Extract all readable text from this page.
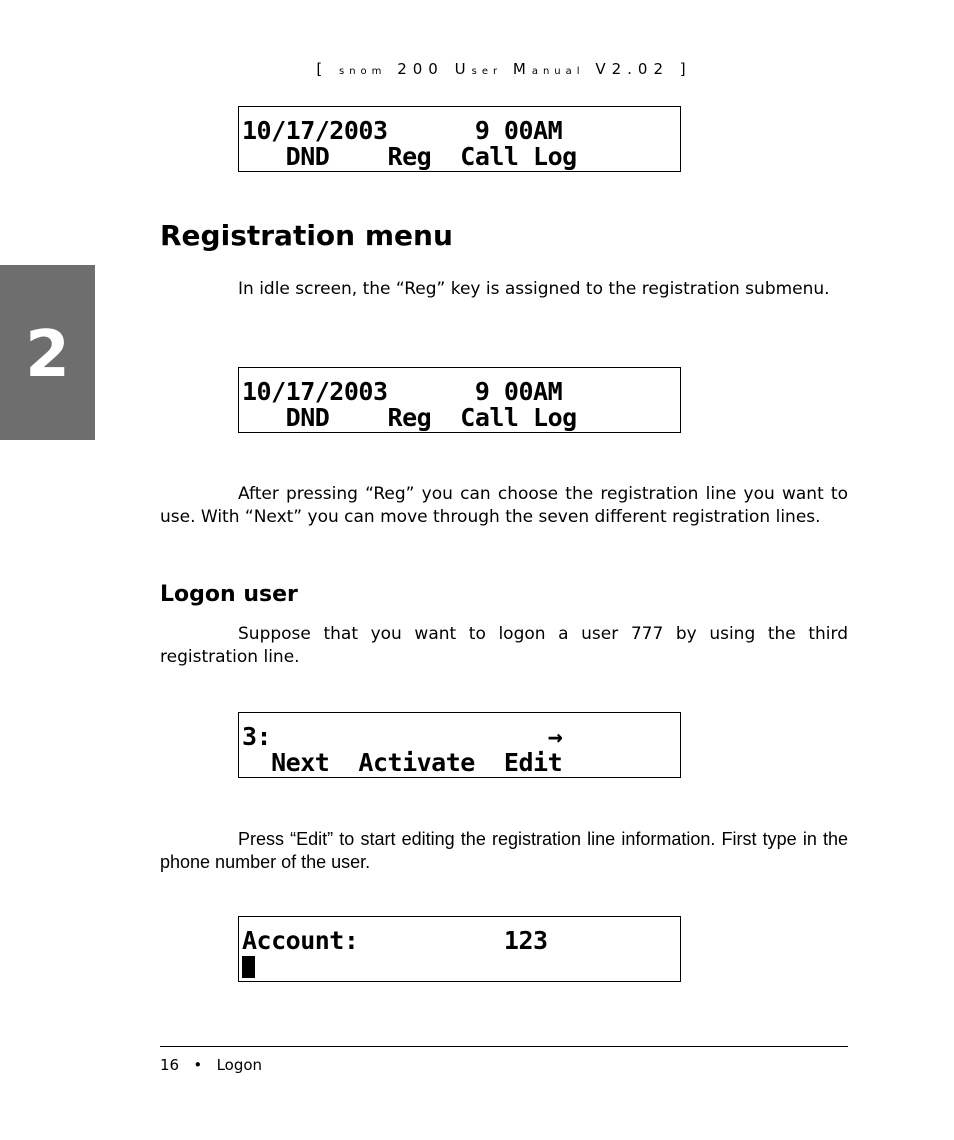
[ snom 200 User Manual V2.02 ]
10/17/2003      9 00AM
DND    Reg  Call Log
Registration menu
2

In idle screen, the “Reg” key is assigned to the registration submenu.

10/17/2003      9 00AM
DND    Reg  Call Log

After pressing “Reg” you can choose the registration line you want to use. With “Next” you can move through the seven different registration lines.

Logon user

Suppose that you want to logon a user 777 by using the third registration line.

3:                   →
Next  Activate  Edit

Press “Edit” to start editing the registration line information. First type in the phone number of the user.

Account:          123
16 • Logon
